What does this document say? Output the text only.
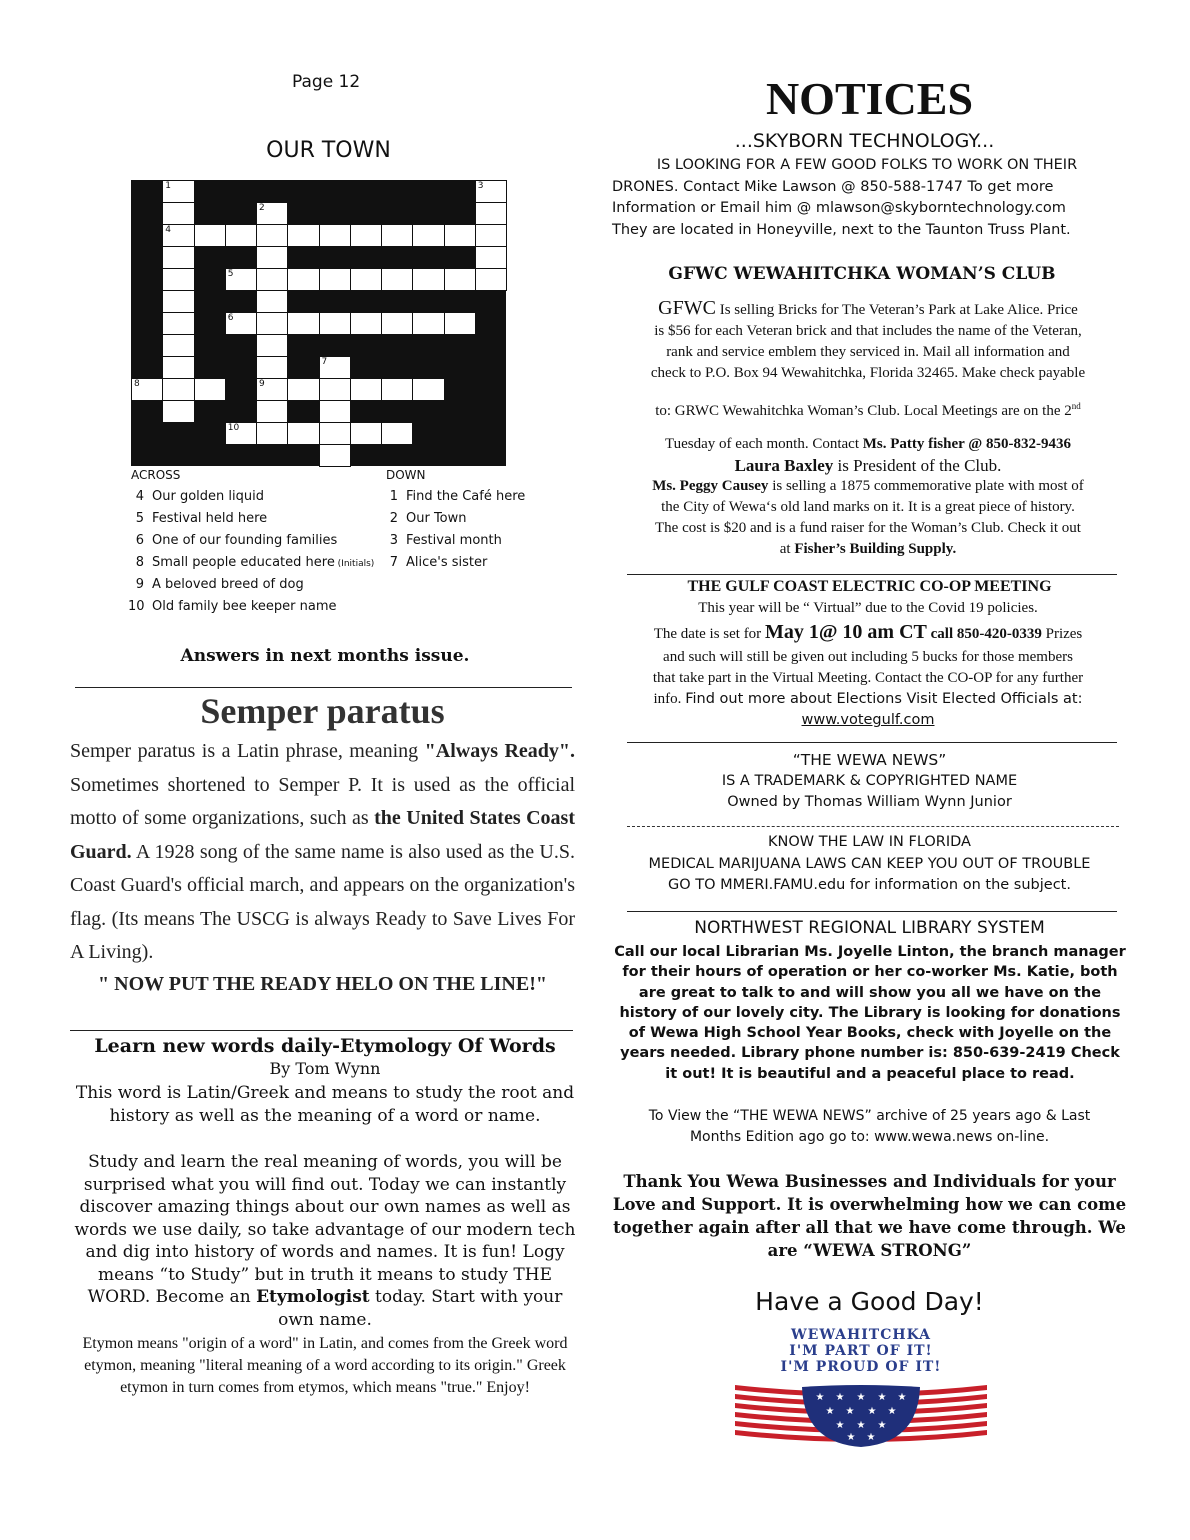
Page 12
OUR TOWN
1
4
3
2
9
5
6
7
8
10
ACROSS	DOWN
4 Our golden liquid
5 Festival held here
6 One of our founding families
8 Small people educated here (Initials)
9 A beloved breed of dog
10 Old family bee keeper name
1 Find the Café here
2 Our Town
3 Festival month
7 Alice's sister
Answers in next months issue.
Semper paratus
Semper paratus is a Latin phrase, meaning "Always Ready". Sometimes shortened to Semper P. It is used as the official motto of some organizations, such as the United States Coast Guard. A 1928 song of the same name is also used as the U.S. Coast Guard's official march, and appears on the organization's flag. (Its means The USCG is always Ready to Save Lives For A Living).
" NOW PUT THE READY HELO ON THE LINE!"
Learn new words daily-Etymology Of Words
By Tom Wynn
This word is Latin/Greek and means to study the root and history as well as the meaning of a word or name.
Study and learn the real meaning of words, you will be surprised what you will find out. Today we can instantly discover amazing things about our own names as well as words we use daily, so take advantage of our modern tech and dig into history of words and names. It is fun! Logy means “to Study” but in truth it means to study THE WORD. Become an Etymologist today. Start with your own name.
Etymon means "origin of a word" in Latin, and comes from the Greek word etymon, meaning "literal meaning of a word according to its origin." Greek etymon in turn comes from etymos, which means "true." Enjoy!
NOTICES
...SKYBORN TECHNOLOGY...
IS LOOKING FOR A FEW GOOD FOLKS TO WORK ON THEIR
DRONES. Contact Mike Lawson @ 850-588-1747 To get more
Information or Email him @ mlawson@skyborntechnology.com
They are located in Honeyville, next to the Taunton Truss Plant.
GFWC WEWAHITCHKA WOMAN’S CLUB
GFWC Is selling Bricks for The Veteran’s Park at Lake Alice. Price
is $56 for each Veteran brick and that includes the name of the Veteran,
rank and service emblem they serviced in. Mail all information and
check to P.O. Box 94 Wewahitchka, Florida 32465. Make check payable
to: GRWC Wewahitchka Woman’s Club. Local Meetings are on the 2nd
Tuesday of each month. Contact Ms. Patty fisher @ 850-832-9436
Laura Baxley is President of the Club.
Ms. Peggy Causey is selling a 1875 commemorative plate with most of
the City of Wewa‘s old land marks on it. It is a great piece of history.
The cost is $20 and is a fund raiser for the Woman’s Club. Check it out
at Fisher’s Building Supply.
THE GULF COAST ELECTRIC CO-OP MEETING
This year will be “ Virtual” due to the Covid 19 policies.
The date is set for May 1@ 10 am CT call 850-420-0339 Prizes
and such will still be given out including 5 bucks for those members
that take part in the Virtual Meeting. Contact the CO-OP for any further
info. Find out more about Elections Visit Elected Officials at:
www.votegulf.com
“THE WEWA NEWS”
IS A TRADEMARK & COPYRIGHTED NAME
Owned by Thomas William Wynn Junior
KNOW THE LAW IN FLORIDA
MEDICAL MARIJUANA LAWS CAN KEEP YOU OUT OF TROUBLE
GO TO MMERI.FAMU.edu for information on the subject.
NORTHWEST REGIONAL LIBRARY SYSTEM
Call our local Librarian Ms. Joyelle Linton, the branch manager for their hours of operation or her co-worker Ms. Katie, both are great to talk to and will show you all we have on the history of our lovely city. The Library is looking for donations of Wewa High School Year Books, check with Joyelle on the years needed. Library phone number is: 850-639-2419 Check it out! It is beautiful and a peaceful place to read.
To View the “THE WEWA NEWS” archive of 25 years ago & Last
Months Edition ago go to: www.wewa.news on-line.
Thank You Wewa Businesses and Individuals for your Love and Support. It is overwhelming how we can come together again after all that we have come through. We are “WEWA STRONG”
Have a Good Day!
★ ★ ★ ★ ★
★ ★ ★ ★
★ ★ ★
★ ★
WEWAHITCHKA
I'M PART OF IT!
I'M PROUD OF IT!
